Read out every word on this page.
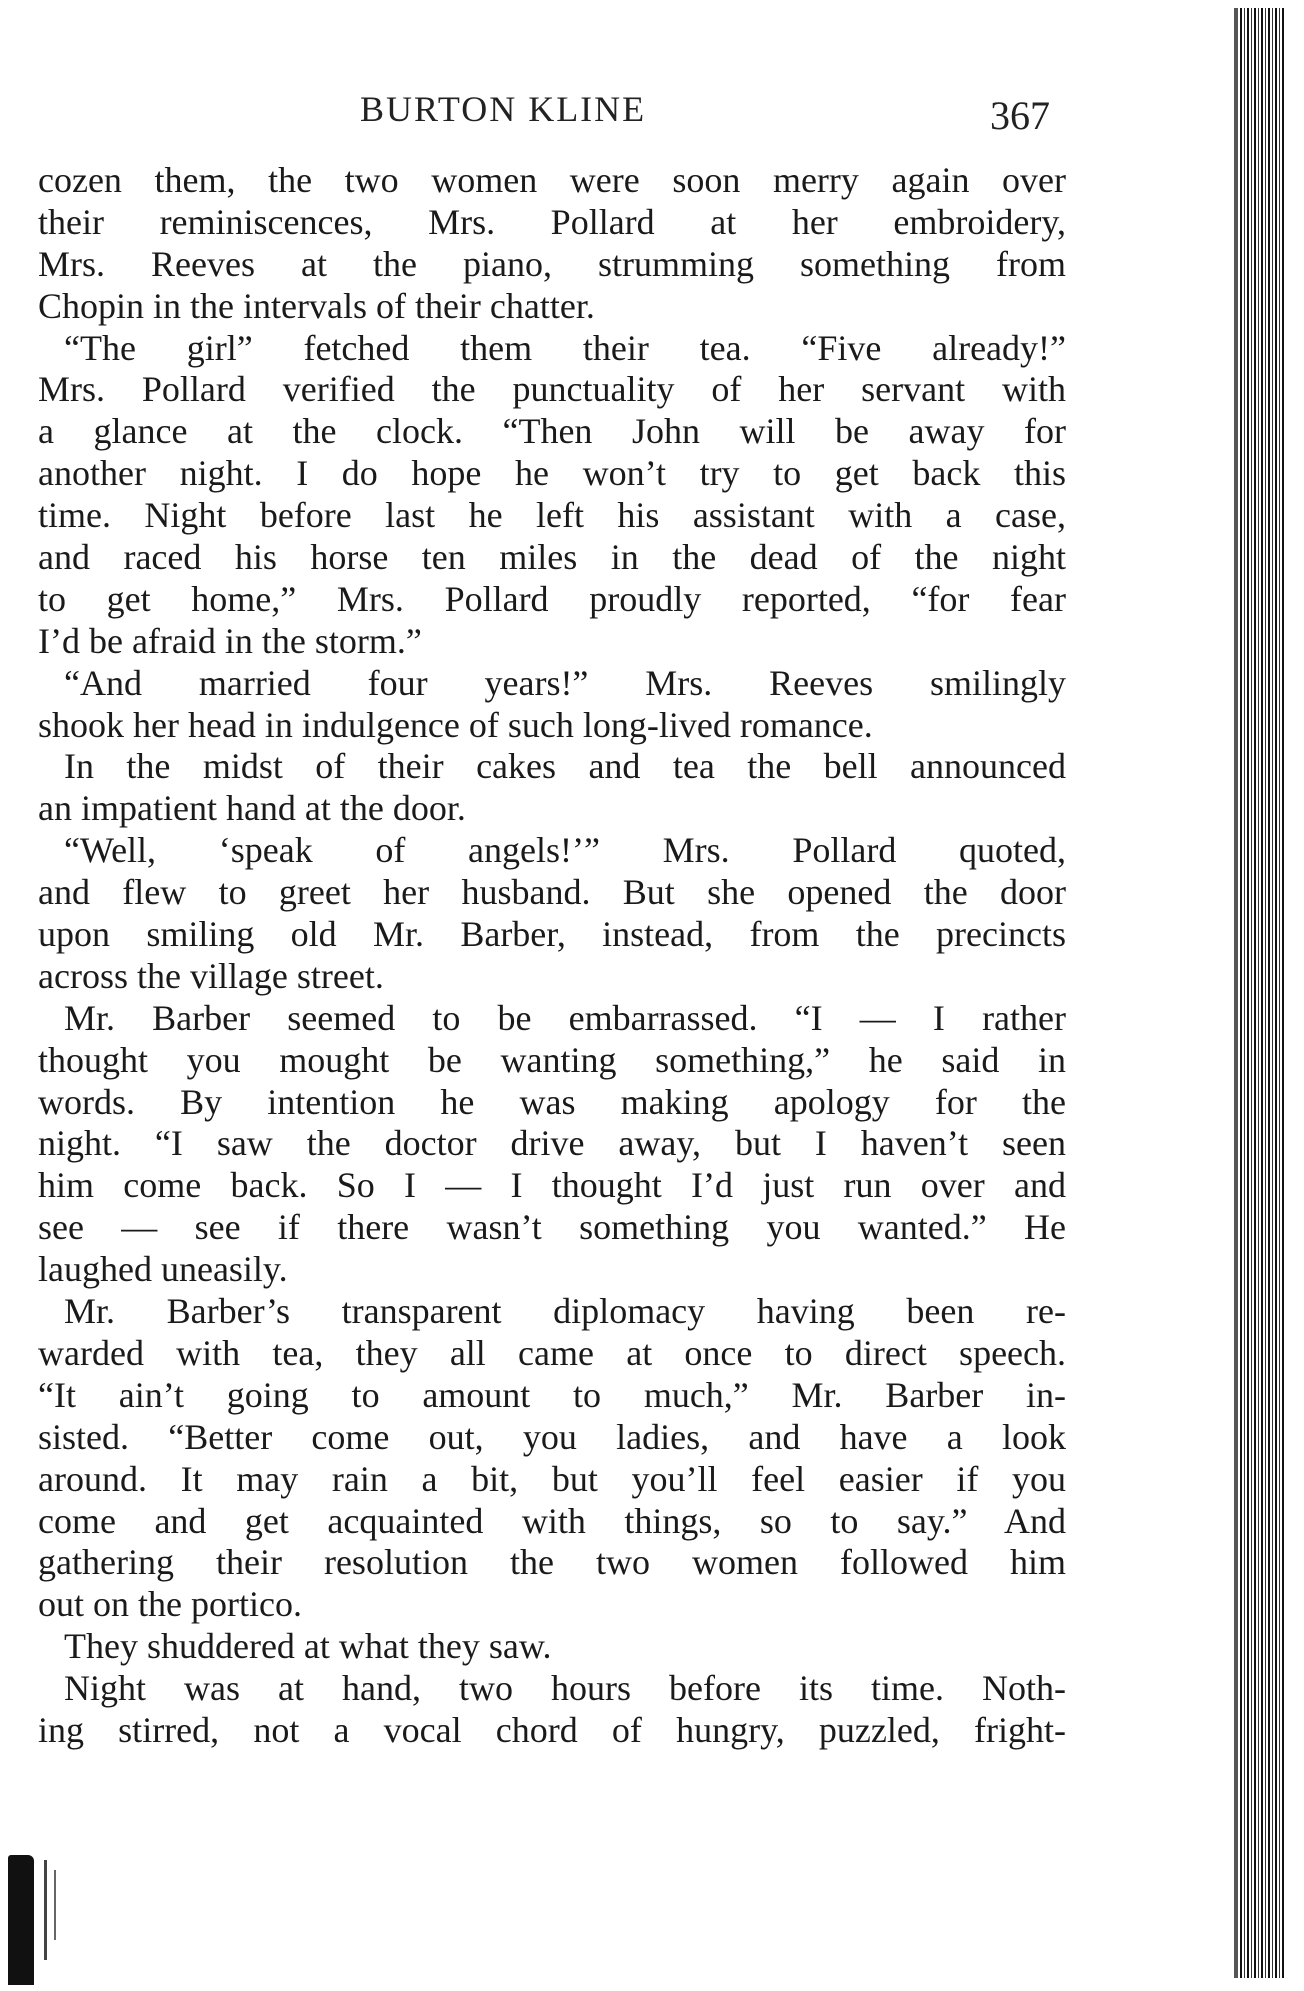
BURTON KLINE	367
cozen them, the two women were soon merry again over
their reminiscences, Mrs. Pollard at her embroidery,
Mrs. Reeves at the piano, strumming something from
Chopin in the intervals of their chatter.
“The girl” fetched them their tea. “Five already!”
Mrs. Pollard verified the punctuality of her servant with
a glance at the clock. “Then John will be away for
another night. I do hope he won’t try to get back this
time. Night before last he left his assistant with a case,
and raced his horse ten miles in the dead of the night
to get home,” Mrs. Pollard proudly reported, “for fear
I’d be afraid in the storm.”
“And married four years!” Mrs. Reeves smilingly
shook her head in indulgence of such long-lived romance.
In the midst of their cakes and tea the bell announced
an impatient hand at the door.
“Well, ‘speak of angels!’” Mrs. Pollard quoted,
and flew to greet her husband. But she opened the door
upon smiling old Mr. Barber, instead, from the precincts
across the village street.
Mr. Barber seemed to be embarrassed. “I — I rather
thought you mought be wanting something,” he said in
words. By intention he was making apology for the
night. “I saw the doctor drive away, but I haven’t seen
him come back. So I — I thought I’d just run over and
see — see if there wasn’t something you wanted.” He
laughed uneasily.
Mr. Barber’s transparent diplomacy having been re-
warded with tea, they all came at once to direct speech.
“It ain’t going to amount to much,” Mr. Barber in-
sisted. “Better come out, you ladies, and have a look
around. It may rain a bit, but you’ll feel easier if you
come and get acquainted with things, so to say.” And
gathering their resolution the two women followed him
out on the portico.
They shuddered at what they saw.
Night was at hand, two hours before its time. Noth-
ing stirred, not a vocal chord of hungry, puzzled, fright-
